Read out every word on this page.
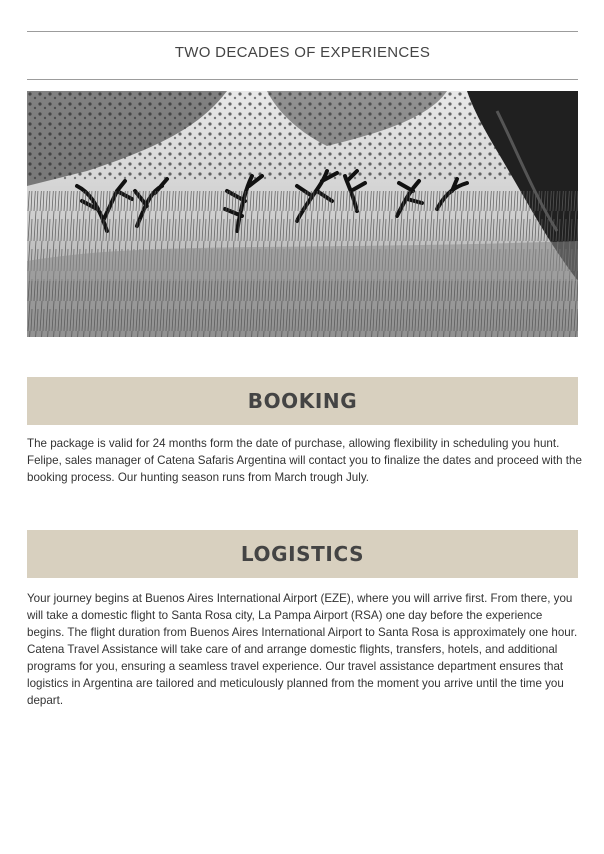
TWO DECADES OF EXPERIENCES
BOOKING

The package is valid for 24 months form the date of purchase, allowing flexibility in scheduling you hunt. Felipe, sales manager of Catena Safaris Argentina will contact you to finalize the dates and proceed with the booking process. Our hunting season runs from March trough July.

LOGISTICS

Your journey begins at Buenos Aires International Airport (EZE), where you will arrive first. From there, you will take a domestic flight to Santa Rosa city, La Pampa Airport (RSA) one day before the experience begins. The flight duration from Buenos Aires International Airport to Santa Rosa is approximately one hour. Catena Travel Assistance will take care of and arrange domestic flights, transfers, hotels, and additional programs for you, ensuring a seamless travel experience. Our travel assistance department ensures that logistics in Argentina are tailored and meticulously planned from the moment you arrive until the time you depart.
